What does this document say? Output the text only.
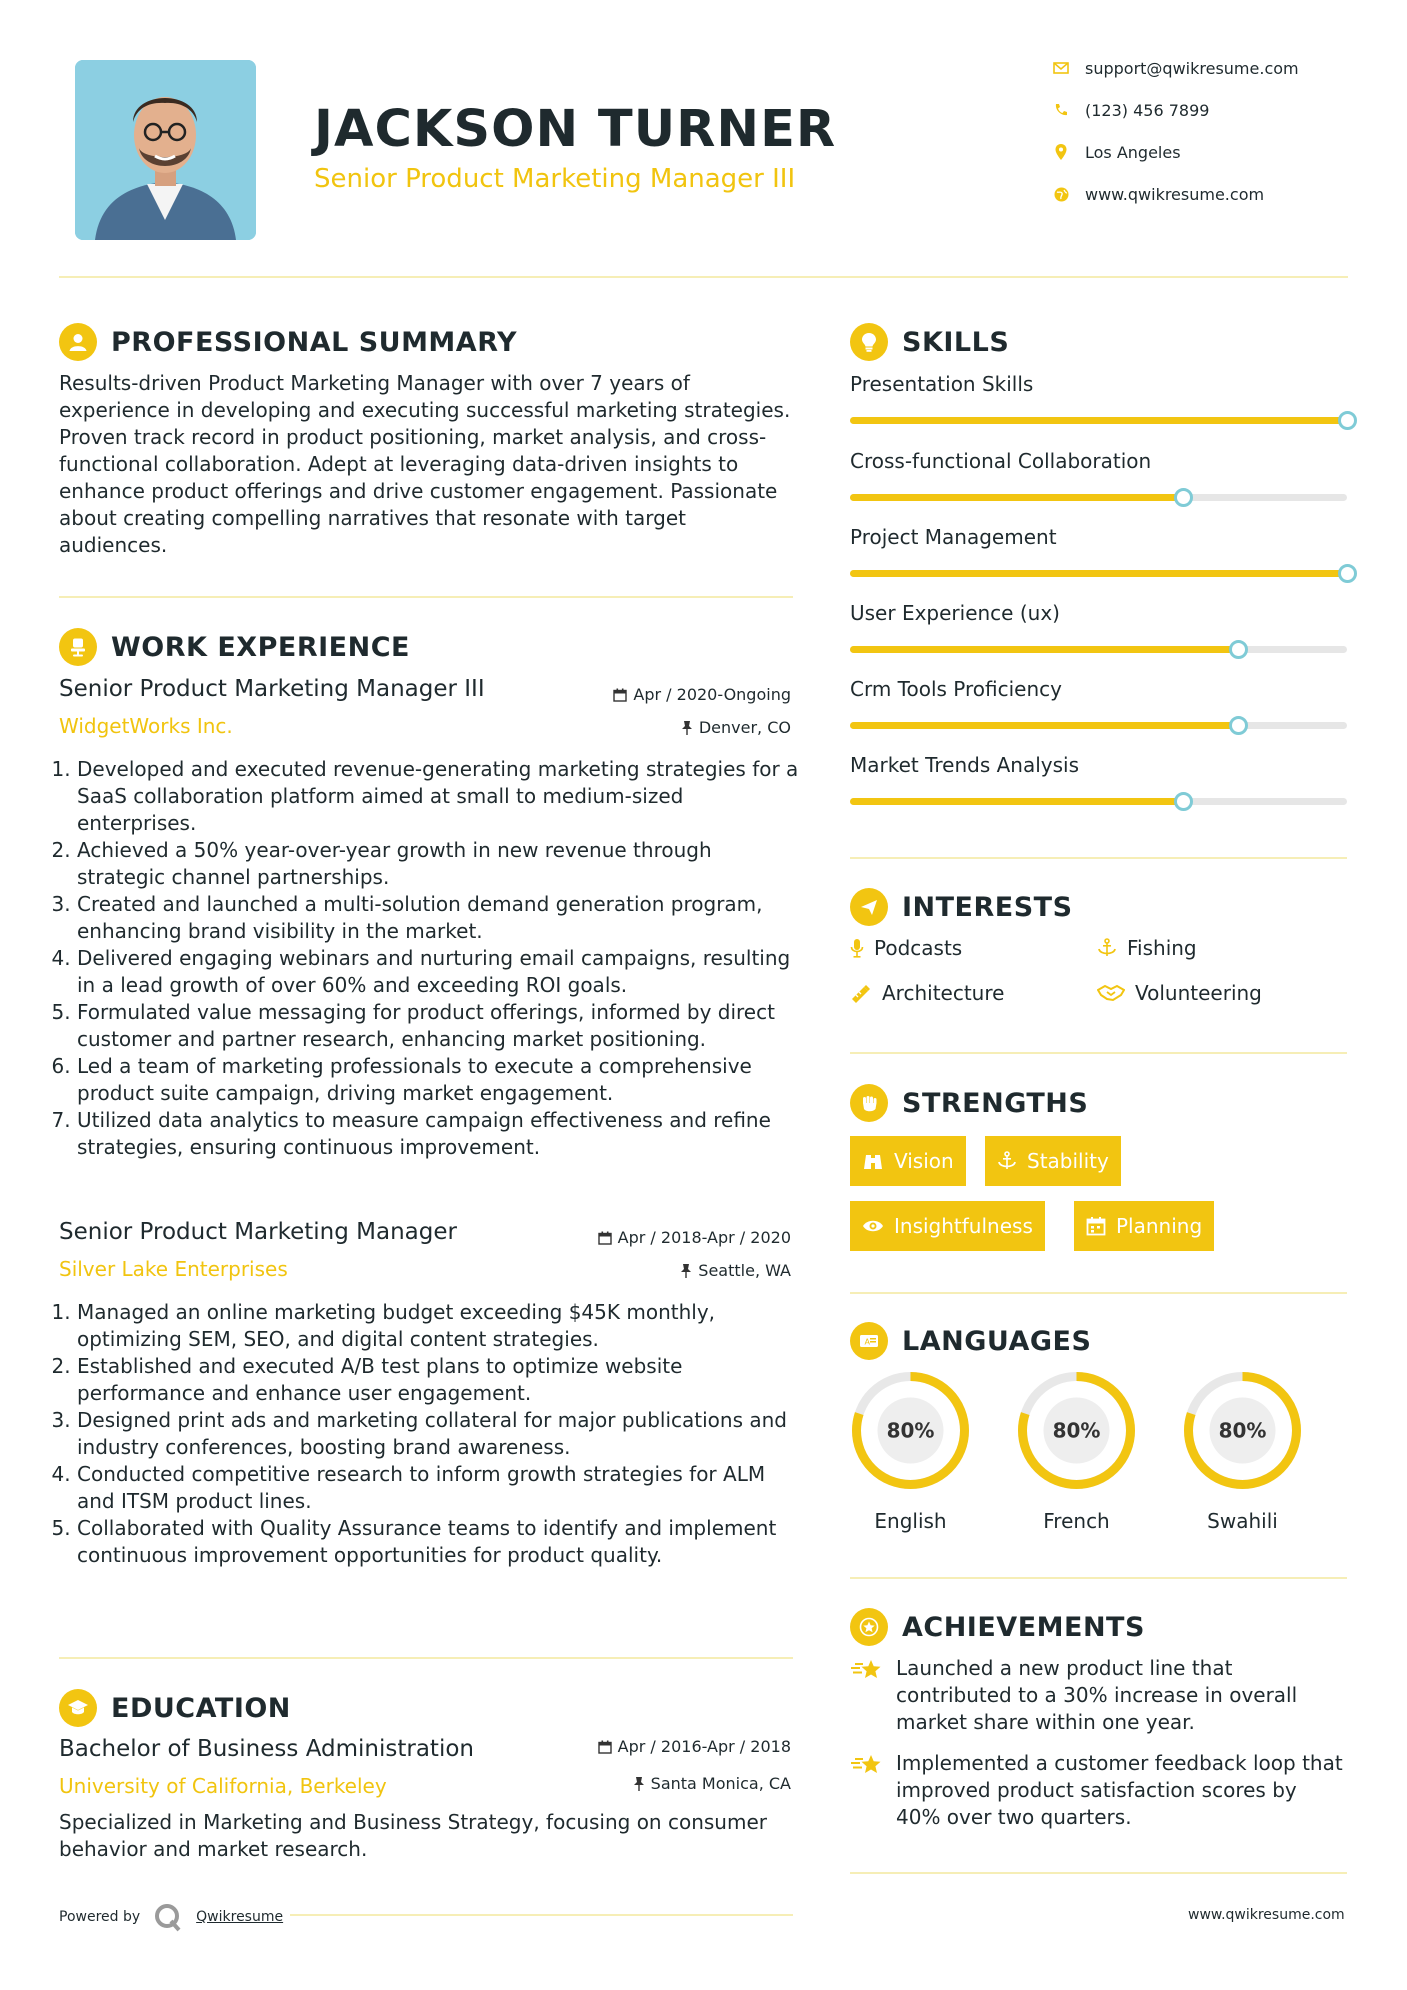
JACKSON TURNER
Senior Product Marketing Manager III
support@qwikresume.com
(123) 456 7899
Los Angeles
www.qwikresume.com
PROFESSIONAL SUMMARY
Results-driven Product Marketing Manager with over 7 years of experience in developing and executing successful marketing strategies. Proven track record in product positioning, market analysis, and cross-functional collaboration. Adept at leveraging data-driven insights to enhance product offerings and drive customer engagement. Passionate about creating compelling narratives that resonate with target audiences.
WORK EXPERIENCE
Senior Product Marketing Manager III	Apr / 2020-Ongoing
WidgetWorks Inc.	Denver, CO
1. Developed and executed revenue-generating marketing strategies for a SaaS collaboration platform aimed at small to medium-sized enterprises.
2. Achieved a 50% year-over-year growth in new revenue through strategic channel partnerships.
3. Created and launched a multi-solution demand generation program, enhancing brand visibility in the market.
4. Delivered engaging webinars and nurturing email campaigns, resulting in a lead growth of over 60% and exceeding ROI goals.
5. Formulated value messaging for product offerings, informed by direct customer and partner research, enhancing market positioning.
6. Led a team of marketing professionals to execute a comprehensive product suite campaign, driving market engagement.
7. Utilized data analytics to measure campaign effectiveness and refine strategies, ensuring continuous improvement.
Senior Product Marketing Manager	Apr / 2018-Apr / 2020
Silver Lake Enterprises	Seattle, WA
1. Managed an online marketing budget exceeding $45K monthly, optimizing SEM, SEO, and digital content strategies.
2. Established and executed A/B test plans to optimize website performance and enhance user engagement.
3. Designed print ads and marketing collateral for major publications and industry conferences, boosting brand awareness.
4. Conducted competitive research to inform growth strategies for ALM and ITSM product lines.
5. Collaborated with Quality Assurance teams to identify and implement continuous improvement opportunities for product quality.
EDUCATION
Bachelor of Business Administration	Apr / 2016-Apr / 2018
University of California, Berkeley	Santa Monica, CA
Specialized in Marketing and Business Strategy, focusing on consumer behavior and market research.
SKILLS
Presentation Skills
Cross-functional Collaboration
Project Management
User Experience (ux)
Crm Tools Proficiency
Market Trends Analysis
INTERESTS
Podcasts	Fishing
Architecture	Volunteering
STRENGTHS
Vision	Stability
Insightfulness	Planning
A LANGUAGES
80%
English
80%
French
80%
Swahili
ACHIEVEMENTS
Launched a new product line that contributed to a 30% increase in overall market share within one year.
Implemented a customer feedback loop that improved product satisfaction scores by 40% over two quarters.
Powered by	Qwikresume	www.qwikresume.com
